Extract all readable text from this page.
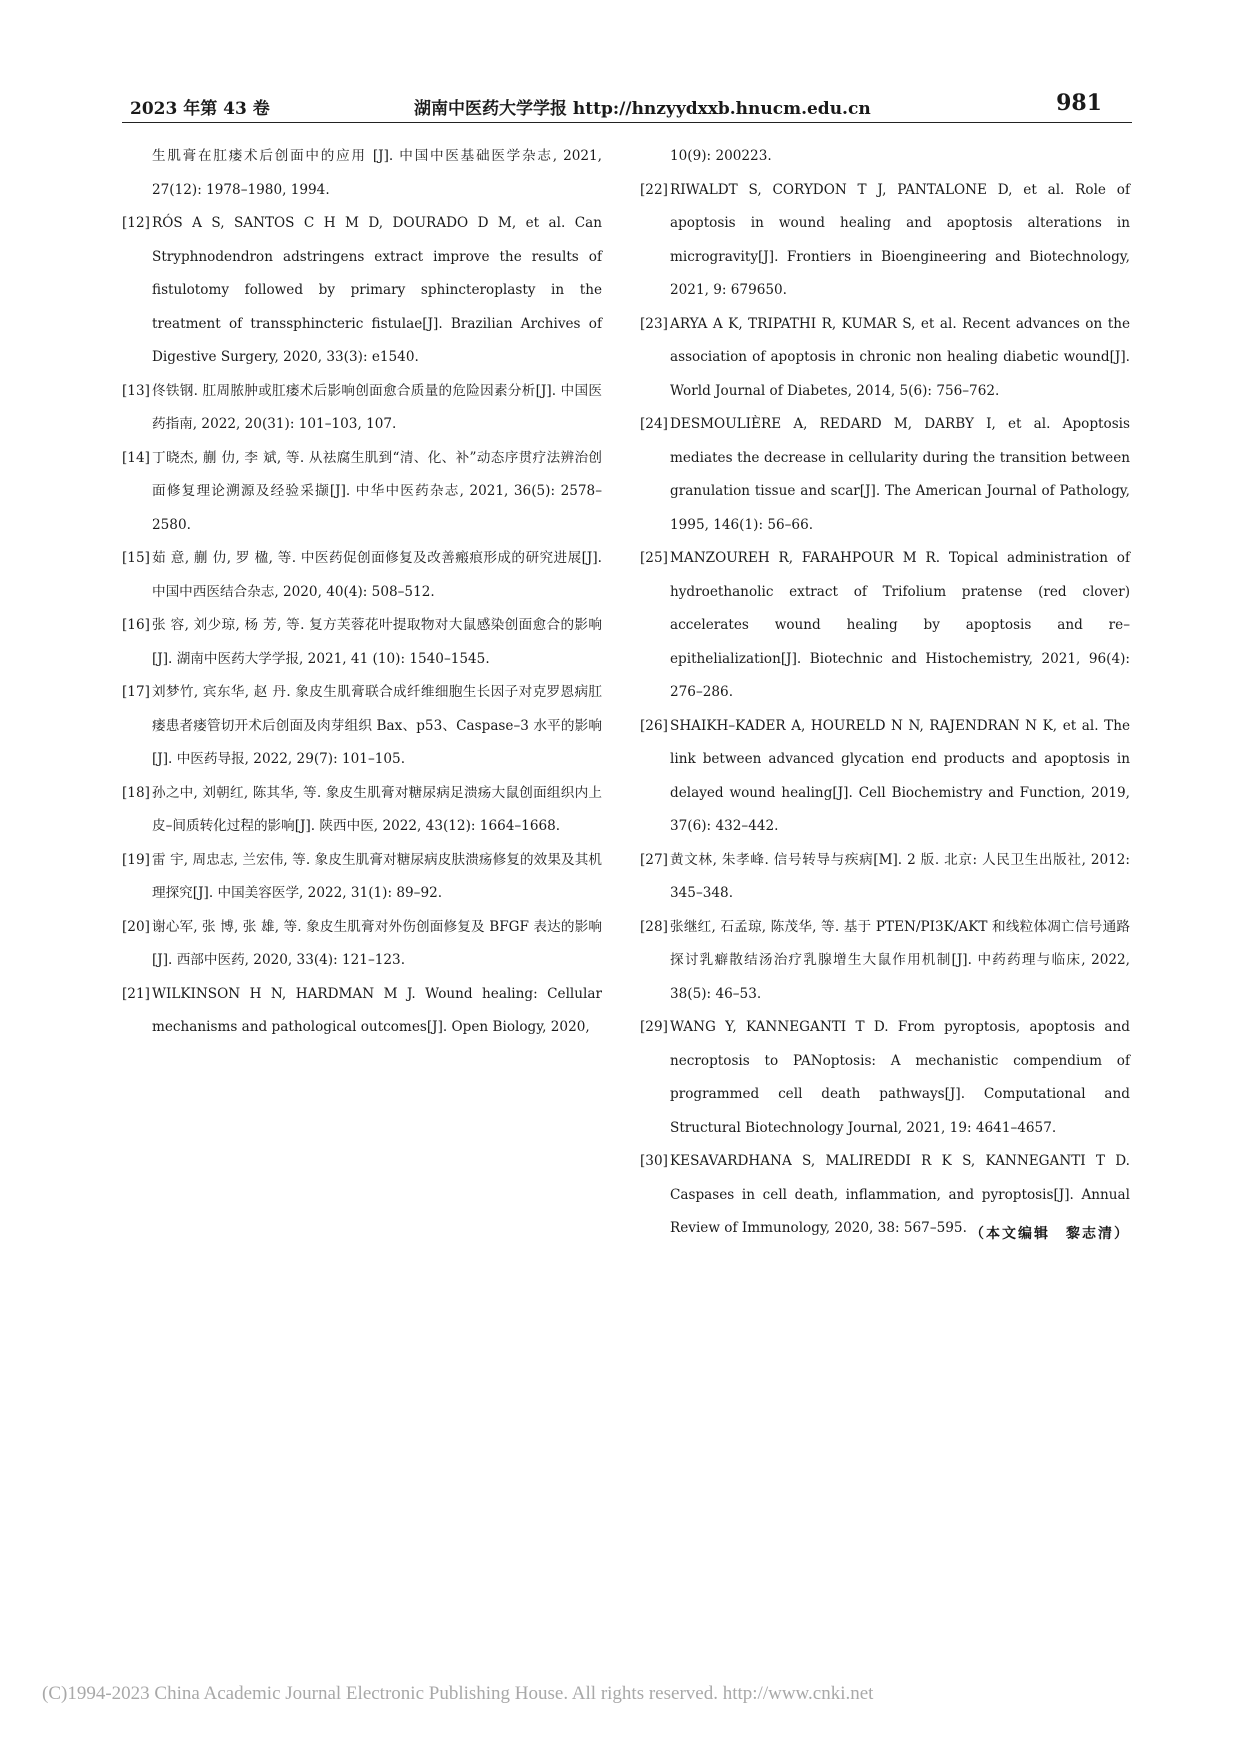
2023 年第 43 卷	湖南中医药大学学报 http://hnzyydxxb.hnucm.edu.cn	981
生肌膏在肛瘘术后创面中的应用 [J]. 中国中医基础医学杂志, 2021, 27(12): 1978–1980, 1994.
[12] RÓS A S, SANTOS C H M D, DOURADO D M, et al. Can Stryphnodendron adstringens extract improve the results of fistulotomy followed by primary sphincteroplasty in the treatment of transsphincteric fistulae[J]. Brazilian Archives of Digestive Surgery, 2020, 33(3): e1540.
[13] 佟铁钢. 肛周脓肿或肛瘘术后影响创面愈合质量的危险因素分析[J]. 中国医药指南, 2022, 20(31): 101–103, 107.
[14] 丁晓杰, 蒯 仂, 李 斌, 等. 从祛腐生肌到“清、化、补”动态序贯疗法辨治创面修复理论溯源及经验采撷[J]. 中华中医药杂志, 2021, 36(5): 2578–2580.
[15] 茹 意, 蒯 仂, 罗 楹, 等. 中医药促创面修复及改善瘢痕形成的研究进展[J]. 中国中西医结合杂志, 2020, 40(4): 508–512.
[16] 张 容, 刘少琼, 杨 芳, 等. 复方芙蓉花叶提取物对大鼠感染创面愈合的影响[J]. 湖南中医药大学学报, 2021, 41 (10): 1540–1545.
[17] 刘梦竹, 宾东华, 赵 丹. 象皮生肌膏联合成纤维细胞生长因子对克罗恩病肛瘘患者瘘管切开术后创面及肉芽组织 Bax、p53、Caspase–3 水平的影响[J]. 中医药导报, 2022, 29(7): 101–105.
[18] 孙之中, 刘朝红, 陈其华, 等. 象皮生肌膏对糖尿病足溃疡大鼠创面组织内上皮–间质转化过程的影响[J]. 陕西中医, 2022, 43(12): 1664–1668.
[19] 雷 宇, 周忠志, 兰宏伟, 等. 象皮生肌膏对糖尿病皮肤溃疡修复的效果及其机理探究[J]. 中国美容医学, 2022, 31(1): 89–92.
[20] 谢心军, 张 博, 张 雄, 等. 象皮生肌膏对外伤创面修复及 BFGF 表达的影响[J]. 西部中医药, 2020, 33(4): 121–123.
[21] WILKINSON H N, HARDMAN M J. Wound healing: Cellular mechanisms and pathological outcomes[J]. Open Biology, 2020,
10(9): 200223.
[22] RIWALDT S, CORYDON T J, PANTALONE D, et al. Role of apoptosis in wound healing and apoptosis alterations in microgravity[J]. Frontiers in Bioengineering and Biotechnology, 2021, 9: 679650.
[23] ARYA A K, TRIPATHI R, KUMAR S, et al. Recent advances on the association of apoptosis in chronic non healing diabetic wound[J]. World Journal of Diabetes, 2014, 5(6): 756–762.
[24] DESMOULIÈRE A, REDARD M, DARBY I, et al. Apoptosis mediates the decrease in cellularity during the transition between granulation tissue and scar[J]. The American Journal of Pathology, 1995, 146(1): 56–66.
[25] MANZOUREH R, FARAHPOUR M R. Topical administration of hydroethanolic extract of Trifolium pratense (red clover) accelerates wound healing by apoptosis and re–epithelialization[J]. Biotechnic and Histochemistry, 2021, 96(4): 276–286.
[26] SHAIKH–KADER A, HOURELD N N, RAJENDRAN N K, et al. The link between advanced glycation end products and apoptosis in delayed wound healing[J]. Cell Biochemistry and Function, 2019, 37(6): 432–442.
[27] 黄文林, 朱孝峰. 信号转导与疾病[M]. 2 版. 北京: 人民卫生出版社, 2012: 345–348.
[28] 张继红, 石孟琼, 陈茂华, 等. 基于 PTEN/PI3K/AKT 和线粒体凋亡信号通路探讨乳癖散结汤治疗乳腺增生大鼠作用机制[J]. 中药药理与临床, 2022, 38(5): 46–53.
[29] WANG Y, KANNEGANTI T D. From pyroptosis, apoptosis and necroptosis to PANoptosis: A mechanistic compendium of programmed cell death pathways[J]. Computational and Structural Biotechnology Journal, 2021, 19: 4641–4657.
[30] KESAVARDHANA S, MALIREDDI R K S, KANNEGANTI T D. Caspases in cell death, inflammation, and pyroptosis[J]. Annual Review of Immunology, 2020, 38: 567–595. （本文编辑　黎志清）
(C)1994-2023 China Academic Journal Electronic Publishing House. All rights reserved. http://www.cnki.net
